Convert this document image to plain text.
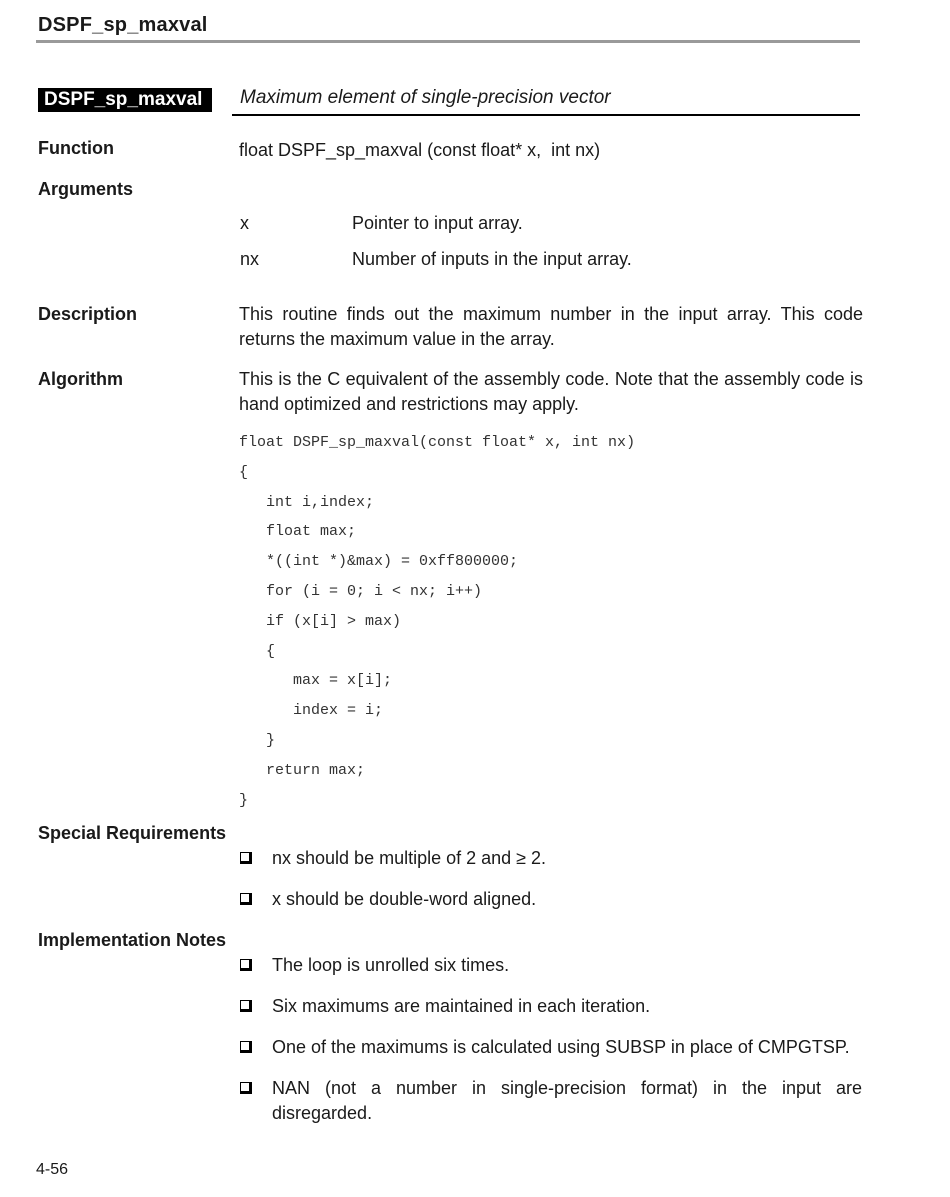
DSPF_sp_maxval
DSPF_sp_maxval	Maximum element of single-precision vector
Function	float DSPF_sp_maxval (const float* x,  int nx)
Arguments
x	Pointer to input array.
nx	Number of inputs in the input array.
Description	This routine finds out the maximum number in the input array. This code returns the maximum value in the array.
Algorithm	This is the C equivalent of the assembly code. Note that the assembly code is hand optimized and restrictions may apply.
float DSPF_sp_maxval(const float* x, int nx)
{
int i,index;
float max;
*((int *)&max) = 0xff800000;
for (i = 0; i < nx; i++)
if (x[i] > max)
{
max = x[i];
index = i;
}
return max;
}
Special Requirements
nx should be multiple of 2 and ≥ 2.
x should be double-word aligned.
Implementation Notes
The loop is unrolled six times.
Six maximums are maintained in each iteration.
One of the maximums is calculated using SUBSP in place of CMPGTSP.
NAN (not a number in single-precision format) in the input are disregarded.
4-56
